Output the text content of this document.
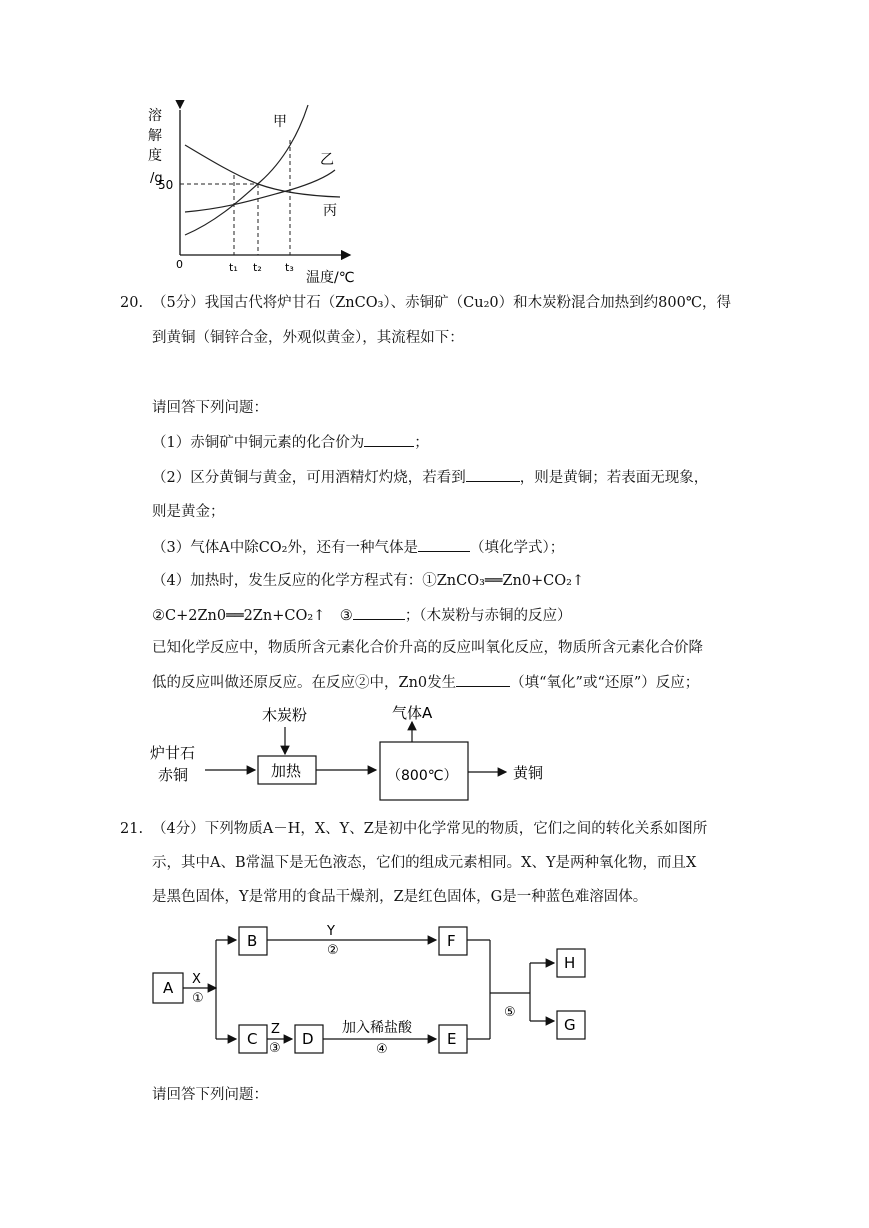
溶
解
度
/g
50
0	t₁ t₂ t₃
温度/℃
甲
乙
丙
20. （5分）我国古代将炉甘石（ZnCO₃）、赤铜矿（Cu₂0）和木炭粉混合加热到约800℃，得
到黄铜（铜锌合金，外观似黄金），其流程如下：
请回答下列问题：
（1）赤铜矿中铜元素的化合价为	；
（2）区分黄铜与黄金，可用酒精灯灼烧，若看到	，则是黄铜；若表面无现象，
则是黄金；
（3）气体A中除CO₂外，还有一种气体是	（填化学式）；
（4）加热时，发生反应的化学方程式有：①ZnCO₃══Zn0+CO₂↑
②C+2Zn0══2Zn+CO₂↑　③	；（木炭粉与赤铜的反应）
已知化学反应中，物质所含元素化合价升高的反应叫氧化反应，物质所含元素化合价降
低的反应叫做还原反应。在反应②中，Zn0发生	（填“氧化”或“还原”）反应；
炉甘石
赤铜
木炭粉
加热	（800℃）
气体A
黄铜
21. （4分）下列物质A－H，X、Y、Z是初中化学常见的物质，它们之间的转化关系如图所
示，其中A、B常温下是无色液态，它们的组成元素相同。X、Y是两种氧化物，而且X
是黑色固体，Y是常用的食品干燥剂，Z是红色固体，G是一种蓝色难溶固体。
A X
①
B
Y
②
F
C
Z
③
D
加入稀盐酸
④
E
⑤
H
G
请回答下列问题：
